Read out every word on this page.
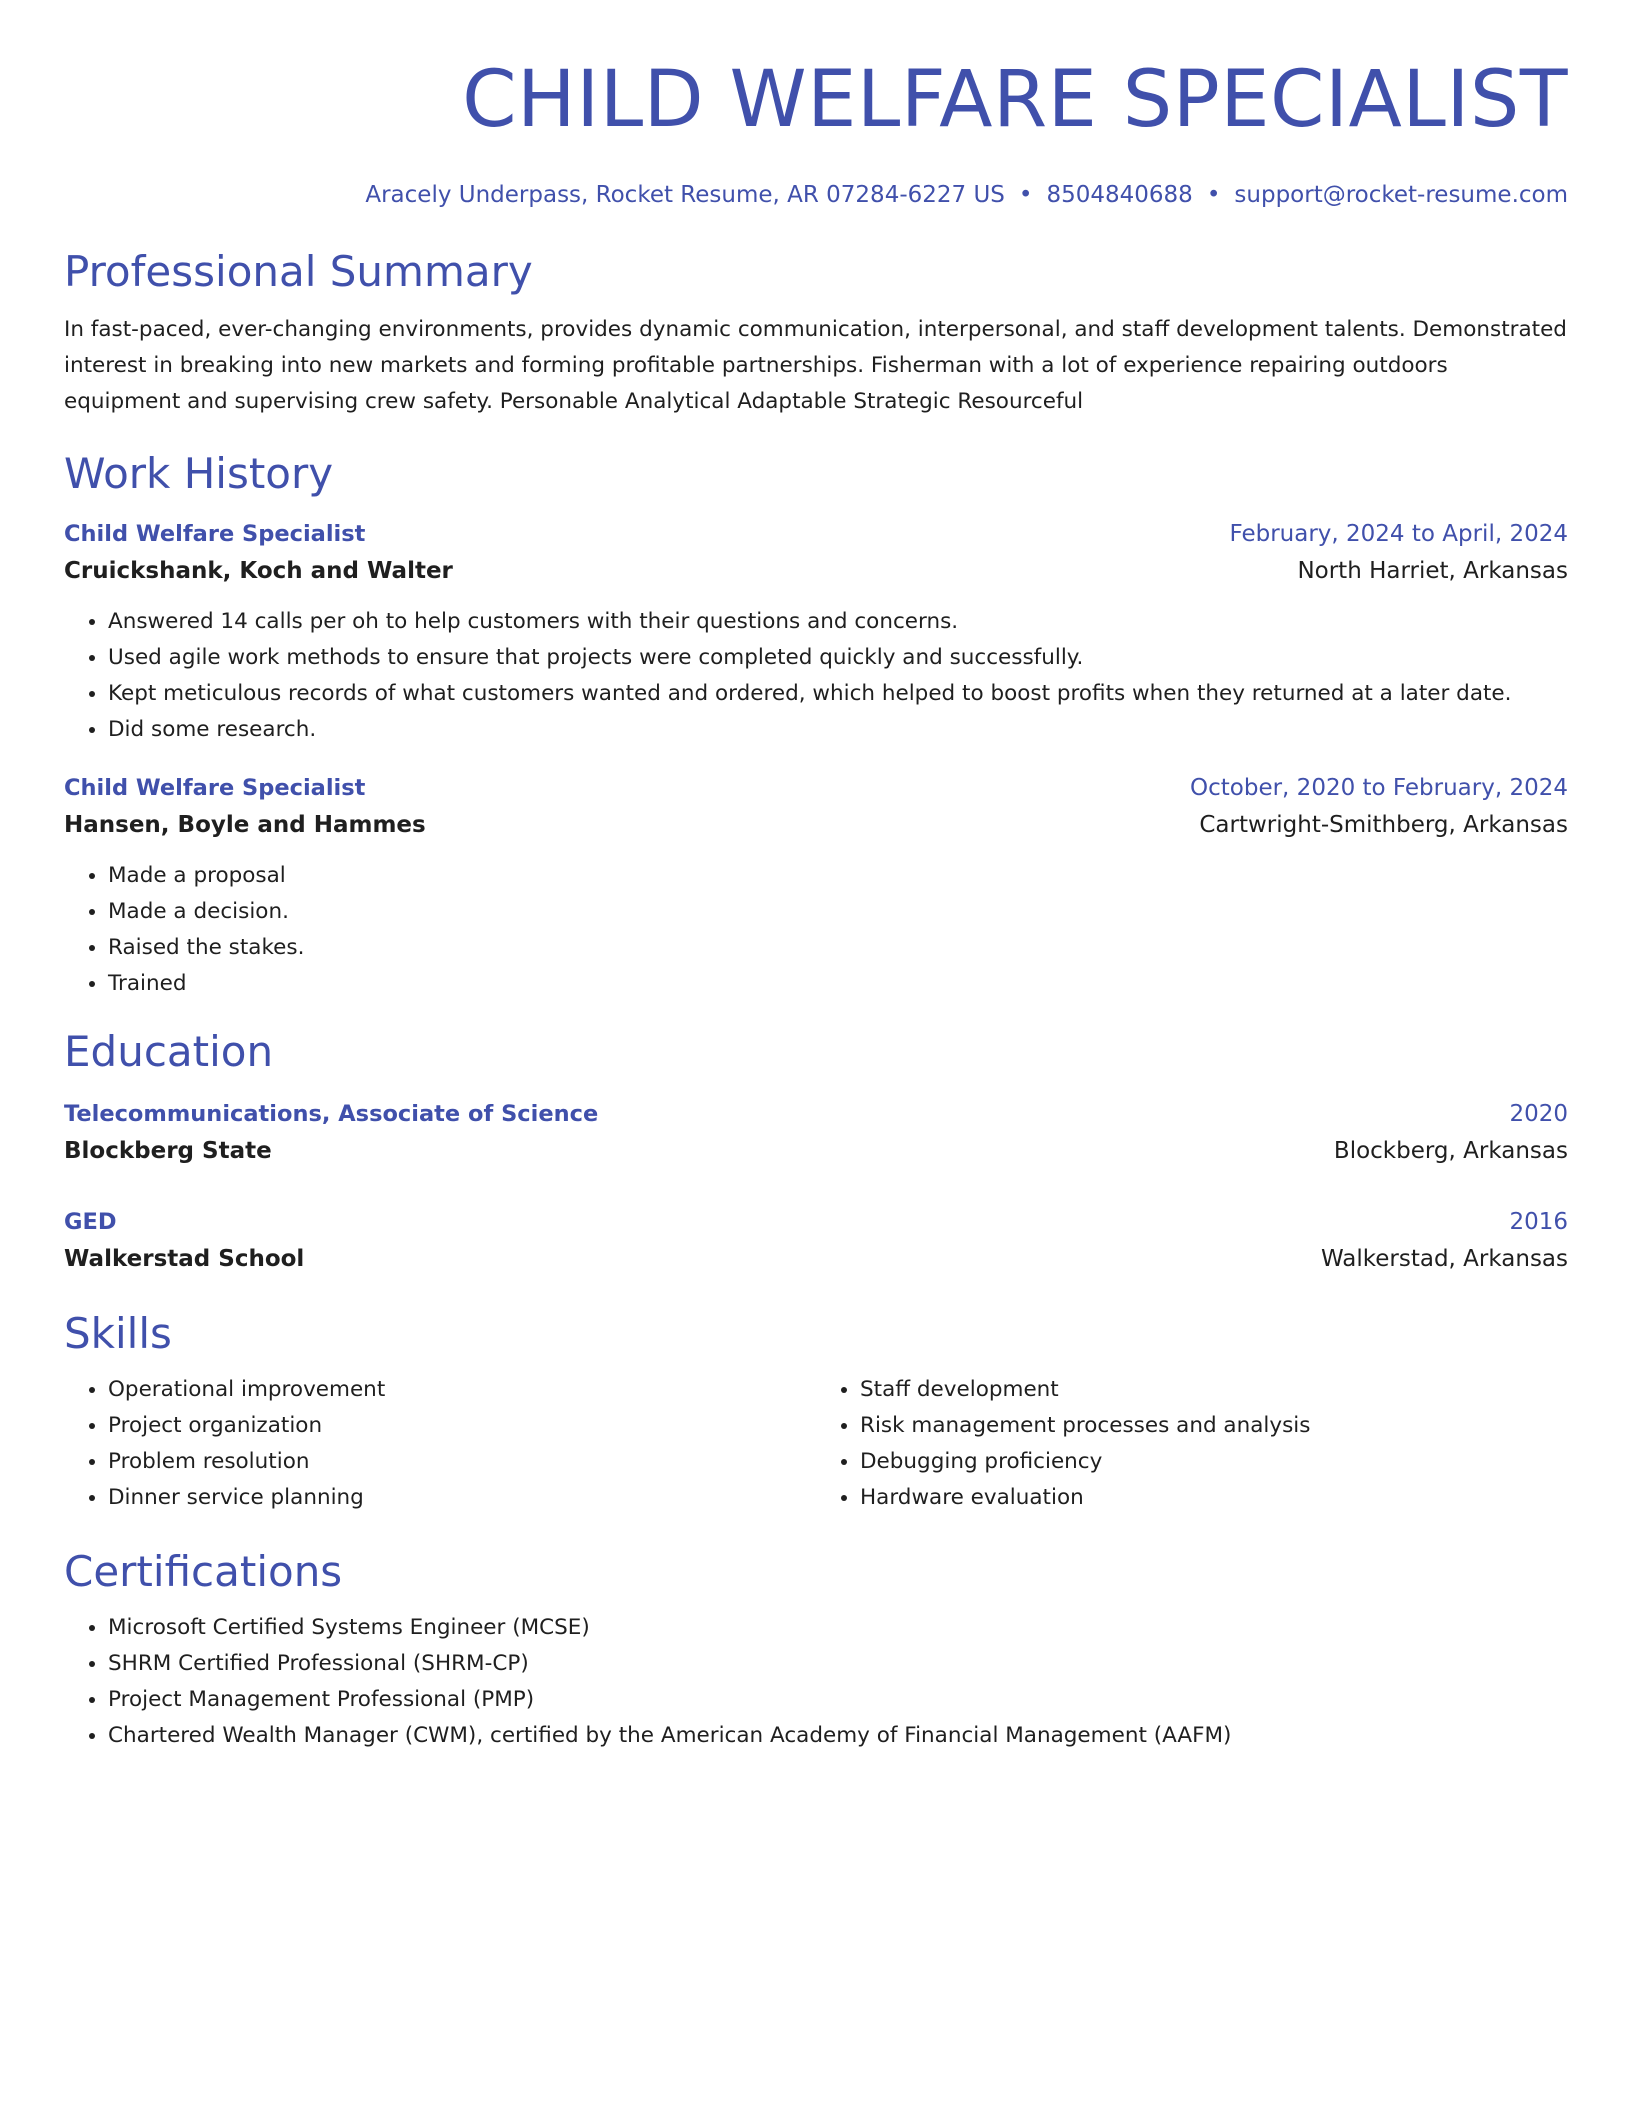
CHILD WELFARE SPECIALIST
Aracely Underpass, Rocket Resume, AR 07284-6227 US • 8504840688 • support@rocket-resume.com
Professional Summary
In fast-paced, ever-changing environments, provides dynamic communication, interpersonal, and staff development talents. Demonstrated interest in breaking into new markets and forming profitable partnerships. Fisherman with a lot of experience repairing outdoors equipment and supervising crew safety. Personable Analytical Adaptable Strategic Resourceful
Work History
Child Welfare Specialist	February, 2024 to April, 2024
Cruickshank, Koch and Walter	North Harriet, Arkansas
• Answered 14 calls per oh to help customers with their questions and concerns.
• Used agile work methods to ensure that projects were completed quickly and successfully.
• Kept meticulous records of what customers wanted and ordered, which helped to boost profits when they returned at a later date.
• Did some research.
Child Welfare Specialist	October, 2020 to February, 2024
Hansen, Boyle and Hammes	Cartwright-Smithberg, Arkansas
• Made a proposal
• Made a decision.
• Raised the stakes.
• Trained
Education
Telecommunications, Associate of Science	2020
Blockberg State	Blockberg, Arkansas
GED	2016
Walkerstad School	Walkerstad, Arkansas
Skills
• Operational improvement
• Project organization
• Problem resolution
• Dinner service planning
• Staff development
• Risk management processes and analysis
• Debugging proficiency
• Hardware evaluation
Certifications
• Microsoft Certified Systems Engineer (MCSE)
• SHRM Certified Professional (SHRM-CP)
• Project Management Professional (PMP)
• Chartered Wealth Manager (CWM), certified by the American Academy of Financial Management (AAFM)
